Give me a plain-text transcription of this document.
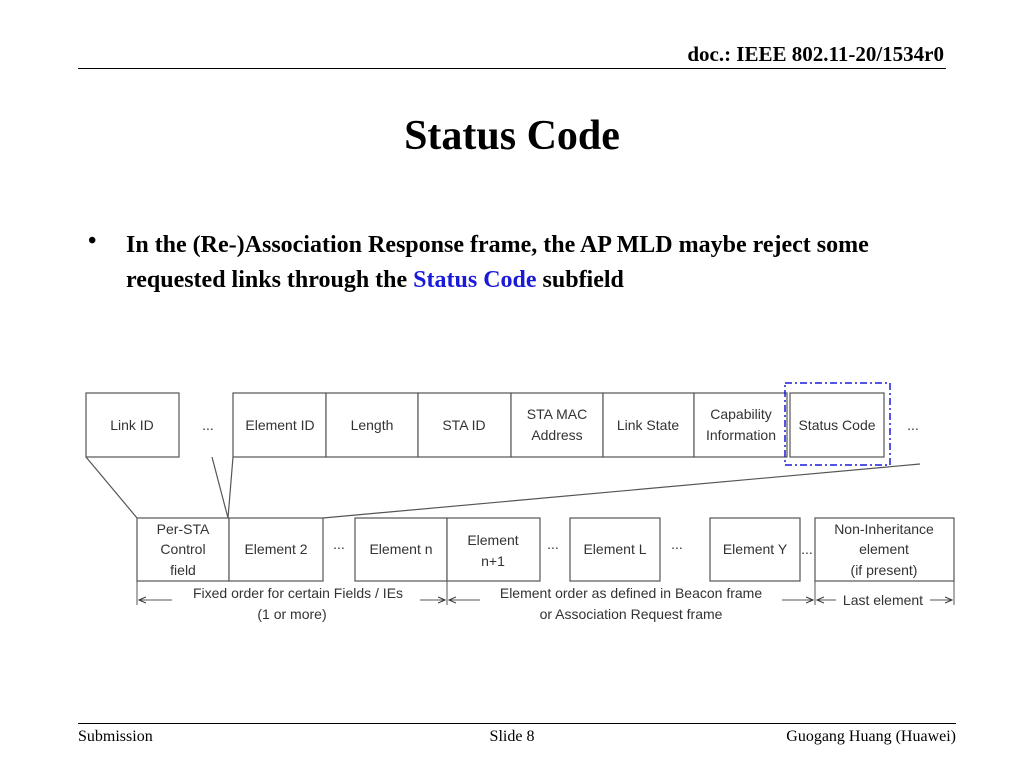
doc.: IEEE 802.11-20/1534r0
Status Code
• In the (Re-)Association Response frame, the AP MLD maybe reject some requested links through the Status Code subfield
Link ID	... Element ID	Length	STA ID
STA MAC
Address
Link State
Capability
Information
Status Code ...
Per-STA
Control
field
Element 2 ... Element n
Element
n+1
... Element L ...	Element Y ...
Non-Inheritance
element
(if present)
Fixed order for certain Fields / IEs
(1 or more)
Element order as defined in Beacon frame
or Association Request frame
Last element
Submission	Slide 8	Guogang Huang (Huawei)
